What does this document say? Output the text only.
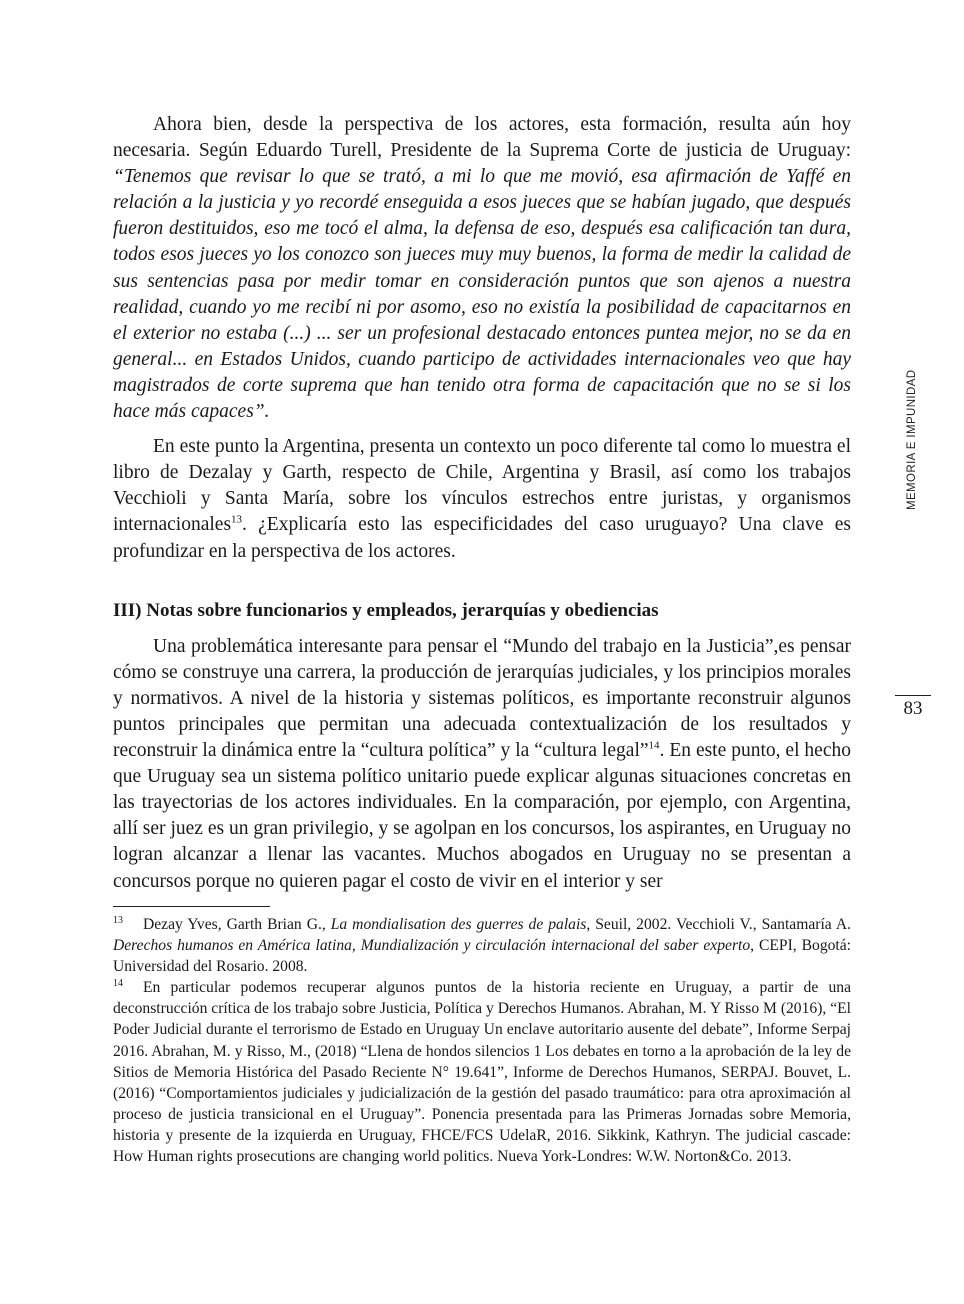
Ahora bien, desde la perspectiva de los actores, esta formación, resulta aún hoy necesaria. Según Eduardo Turell, Presidente de la Suprema Corte de justicia de Uruguay: “Tenemos que revisar lo que se trató, a mi lo que me movió, esa afirmación de Yaffé en relación a la justicia y yo recordé enseguida a esos jueces que se habían jugado, que después fueron destituidos, eso me tocó el alma, la defensa de eso, después esa calificación tan dura, todos esos jueces yo los conozco son jueces muy muy buenos, la forma de medir la calidad de sus sentencias pasa por medir tomar en consideración puntos que son ajenos a nuestra realidad, cuando yo me recibí ni por asomo, eso no existía la posibilidad de capacitarnos en el exterior no estaba (...) ... ser un profesional destacado entonces puntea mejor, no se da en general... en Estados Unidos, cuando participo de actividades internacionales veo que hay magistrados de corte suprema que han tenido otra forma de capacitación que no se si los hace más capaces”.

En este punto la Argentina, presenta un contexto un poco diferente tal como lo muestra el libro de Dezalay y Garth, respecto de Chile, Argentina y Brasil, así como los trabajos Vecchioli y Santa María, sobre los vínculos estrechos entre juristas, y organismos internacionales$^{13}$. ¿Explicaría esto las especificidades del caso uruguayo? Una clave es profundizar en la perspectiva de los actores.

III) Notas sobre funcionarios y empleados, jerarquías y obediencias

Una problemática interesante para pensar el “Mundo del trabajo en la Justicia”,es pensar cómo se construye una carrera, la producción de jerarquías judiciales, y los principios morales y normativos. A nivel de la historia y sistemas políticos, es importante reconstruir algunos puntos principales que permitan una adecuada contextualización de los resultados y reconstruir la dinámica entre la “cultura política” y la “cultura legal”$^{14}$. En este punto, el hecho que Uruguay sea un sistema político unitario puede explicar algunas situaciones concretas en las trayectorias de los actores individuales. En la comparación, por ejemplo, con Argentina, allí ser juez es un gran privilegio, y se agolpan en los concursos, los aspirantes, en Uruguay no logran alcanzar a llenar las vacantes. Muchos abogados en Uruguay no se presentan a concursos porque no quieren pagar el costo de vivir en el interior y ser

13 Dezay Yves, Garth Brian G., La mondialisation des guerres de palais, Seuil, 2002. Vecchioli V., Santamaría A. Derechos humanos en América latina, Mundialización y circulación internacional del saber experto, CEPI, Bogotá: Universidad del Rosario. 2008.

14 En particular podemos recuperar algunos puntos de la historia reciente en Uruguay, a partir de una deconstrucción crítica de los trabajo sobre Justicia, Política y Derechos Humanos. Abrahan, M. Y Risso M (2016), “El Poder Judicial durante el terrorismo de Estado en Uruguay Un enclave autoritario ausente del debate”, Informe Serpaj 2016. Abrahan, M. y Risso, M., (2018) “Llena de hondos silencios 1 Los debates en torno a la aprobación de la ley de Sitios de Memoria Histórica del Pasado Reciente N° 19.641”, Informe de Derechos Humanos, SERPAJ. Bouvet, L. (2016) “Comportamientos judiciales y judicialización de la gestión del pasado traumático: para otra aproximación al proceso de justicia transicional en el Uruguay”. Ponencia presentada para las Primeras Jornadas sobre Memoria, historia y presente de la izquierda en Uruguay, FHCE/FCS UdelaR, 2016. Sikkink, Kathryn. The judicial cascade: How Human rights prosecutions are changing world politics. Nueva York-Londres: W.W. Norton&Co. 2013.

MEMORIA E IMPUNIDAD
83
